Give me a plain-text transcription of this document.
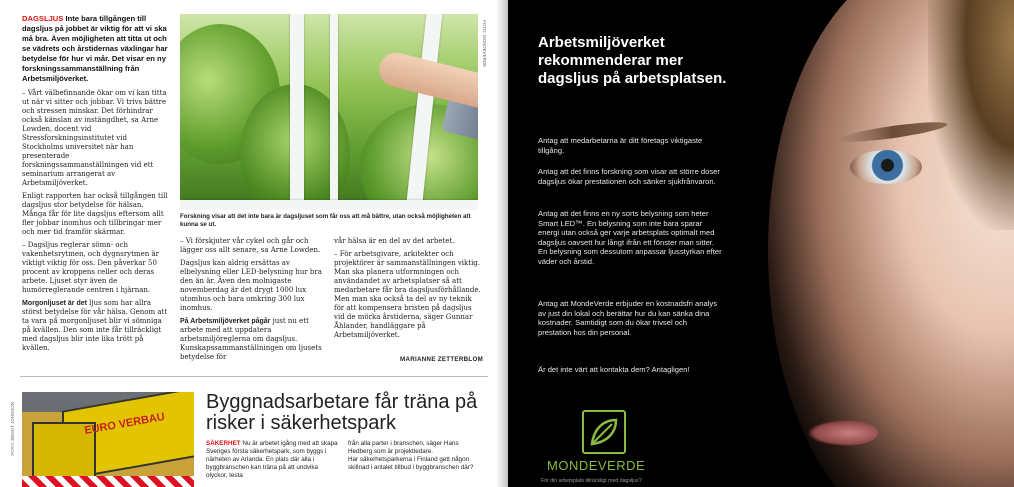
DAGSLJUS Inte bara tillgången till dagsljus på jobbet är viktig för att vi ska må bra. Även möjligheten att titta ut och se vädrets och årstidernas växlingar har betydelse för hur vi mår. Det visar en ny forskningssammanställning från Arbetsmiljöverket.

– Vårt välbefinnande ökar om vi kan titta ut när vi sitter och jobbar. Vi trivs bättre och stressen minskar. Det förhindrar också känslan av instängdhet, sa Arne Lowden, docent vid Stressforskningsinstitutet vid Stockholms universitet när han presenterade forskningssammanställningen vid ett seminarium arrangerat av Arbetsmiljöverket.

Enligt rapporten har också tillgången till dagsljus stor betydelse för hälsan. Många får för lite dagsljus eftersom allt fler jobbar inomhus och tillbringar mer och mer tid framför skärmar.

– Dagsljus reglerar sömn- och vakenhetsrytmen, och dygnsrytmen är viktigt viktig för oss. Den påverkar 50 procent av kroppens celler och deras arbete. Ljuset styr även de humörreglerande centren i hjärnan.

Morgonljuset är det ljus som har allra störst betydelse för vår hälsa. Genom att ta vara på morgonljuset blir vi sömniga på kvällen. Den som inte får tillräckligt med dagsljus blir inte lika trött på kvällen.

FOTO: MONDEVERDE
Forskning visar att det inte bara är dagsljuset som får oss att må bättre, utan också möjligheten att kunna se ut.

– Vi förskjuter vår cykel och går och lägger oss allt senare, sa Arne Lowden.

Dagsljus kan aldrig ersättas av elbelysning eller LED-belysning hur bra den än är. Även den molnigaste novemberdag är det drygt 1000 lux utomhus och bara omkring 300 lux inomhus.

På Arbetsmiljöverket pågår just nu ett arbete med att uppdatera arbetsmiljöreglerna om dagsljus. Kunskapssammanställningen om ljusets betydelse för

vår hälsa är en del av det arbetet.

– För arbetsgivare, arkitekter och projektörer är sammanställningen viktig. Man ska planera utformningen och användandet av arbetsplatser så att medarbetare får bra dagsljusförhållande. Men man ska också ta del av ny teknik för att kompensera bristen på dagsljus vid de mörka årstiderna, säger Gunnar Åhlander, handläggare på Arbetsmiljöverket.

MARIANNE ZETTERBLOM
EURO VERBAU
FOTO: BENGT JOHNSON	Byggnadsarbetare får träna på risker i säkerhetspark
SÄKERHET Nu är arbetet igång med att skapa Sveriges första säkerhetspark, som byggs i närheten av Arlanda. En plats där alla i byggbranschen kan träna på att undvika olyckor, testa
från alla parter i branschen, säger Hans Hedberg som är projektledare.
Har säkerhetsparkerna i Finland gett någon skillnad i antalet tillbud i byggbranschen där?
Arbetsmiljöverket rekommenderar mer dagsljus på arbetsplatsen.

Antag att medarbetarna är ditt företags viktigaste tillgång.

Antag att det finns forskning som visar att större doser dagsljus ökar prestationen och sänker sjukfrånvaron.

Antag att det finns en ny sorts belysning som heter Smart LED™. En belysning som inte bara sparar energi utan också ger varje arbetsplats optimalt med dagsljus oavsett hur långt ifrån ett fönster man sitter. En belysning som dessutom anpassar ljusstyrkan efter väder och årstid.

Antag att MondeVerde erbjuder en kostnadsfri analys av just din lokal och berättar hur du kan sänka dina kostnader. Samtidigt som du ökar trivsel och prestation hos din personal.

Är det inte värt att kontakta dem? Antagligen!

MONDEVERDE
För din arbetsplats tillräckligt med dagsljus?
